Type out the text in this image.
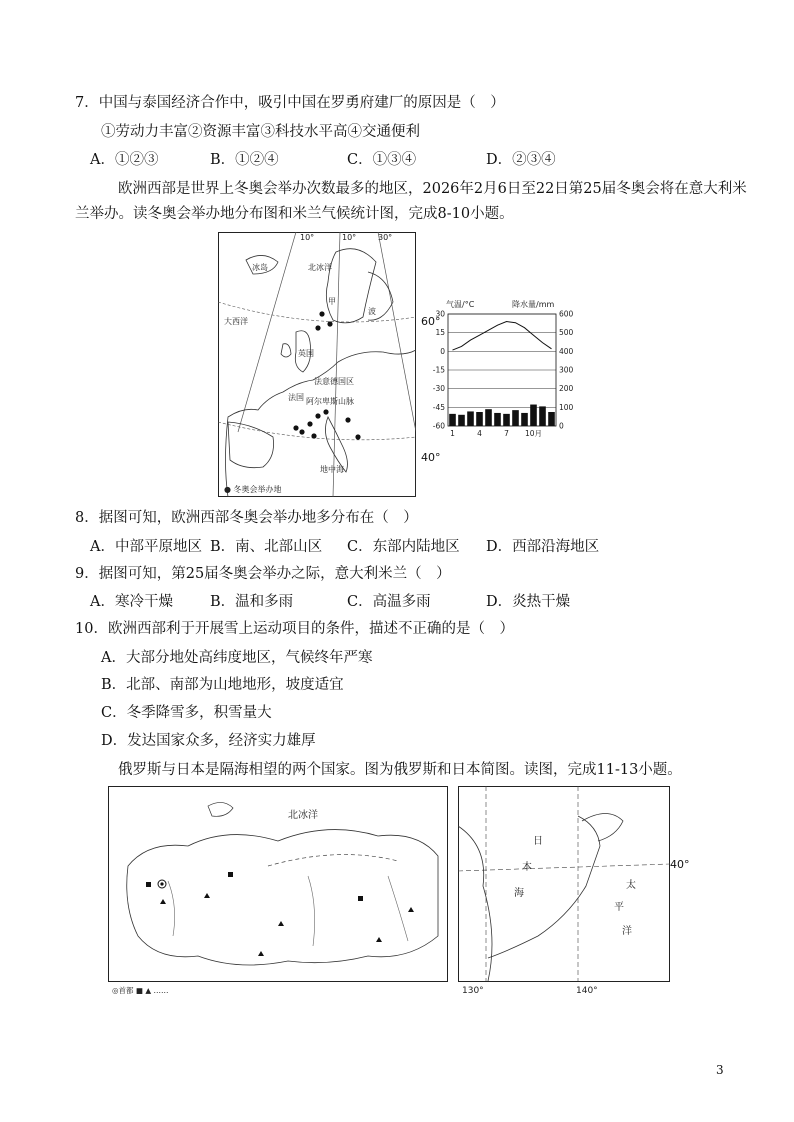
7．中国与泰国经济合作中，吸引中国在罗勇府建厂的原因是（　）
①劳动力丰富②资源丰富③科技水平高④交通便利
A．①②③	B．①②④	C．①③④	D．②③④
欧洲西部是世界上冬奥会举办次数最多的地区，2026年2月6日至22日第25届冬奥会将在意大利米
兰举办。读冬奥会举办地分布图和米兰气候统计图，完成8-10小题。
10°	10°	30°
北冰洋
冰岛
大西洋
甲
波
英国
法国
法意德国区
阿尔卑斯山脉
地中海
● 冬奥会举办地
60°
40°
气温/°C	降水量/mm
30	600
15	500
0	400
-15	300
-30	200
-45	100
-60	0
1	4	7 10月
8．据图可知，欧洲西部冬奥会举办地多分布在（　）
A．中部平原地区 B．南、北部山区 C．东部内陆地区 D．西部沿海地区
9．据图可知，第25届冬奥会举办之际，意大利米兰（　）
A．寒冷干燥	B．温和多雨	C．高温多雨	D．炎热干燥
10．欧洲西部利于开展雪上运动项目的条件，描述不正确的是（　）
A．大部分地处高纬度地区，气候终年严寒
B．北部、南部为山地地形，坡度适宜
C．冬季降雪多，积雪量大
D．发达国家众多，经济实力雄厚
俄罗斯与日本是隔海相望的两个国家。图为俄罗斯和日本简图。读图，完成11-13小题。
北冰洋
◎首都 ■ ▲ ……
日
本
海
太
平
洋
130°	140°
40°
3
